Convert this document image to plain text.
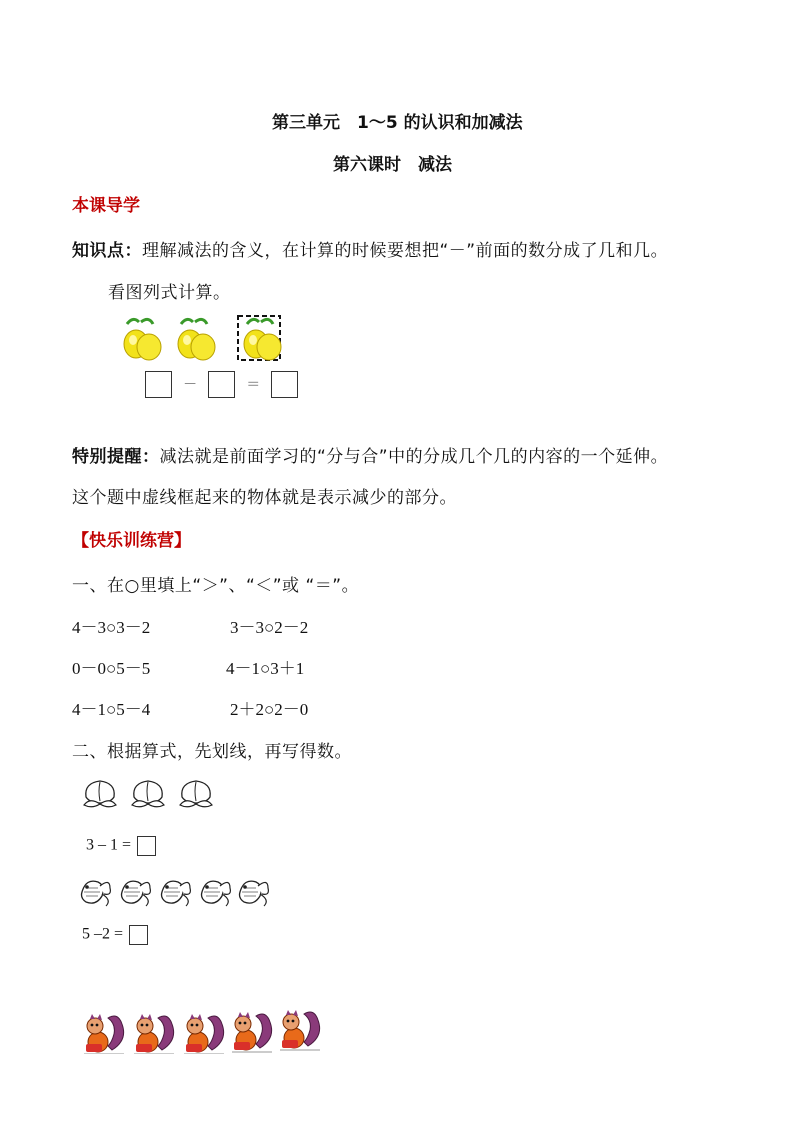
第三单元　1～5 的认识和加减法
第六课时　减法
本课导学
知识点：理解减法的含义，在计算的时候要想把“－”前面的数分成了几和几。
看图列式计算。
－	＝
特别提醒：减法就是前面学习的“分与合”中的分成几个几的内容的一个延伸。
这个题中虚线框起来的物体就是表示减少的部分。
【快乐训练营】
一、在○里填上“＞”、“＜”或 “＝”。
4－3○3－2	3－3○2－2
0－0○5－5	4－1○3＋1
4－1○5－4	2＋2○2－0
二、根据算式，先划线，再写得数。
3 – 1 =
5 –2 =
